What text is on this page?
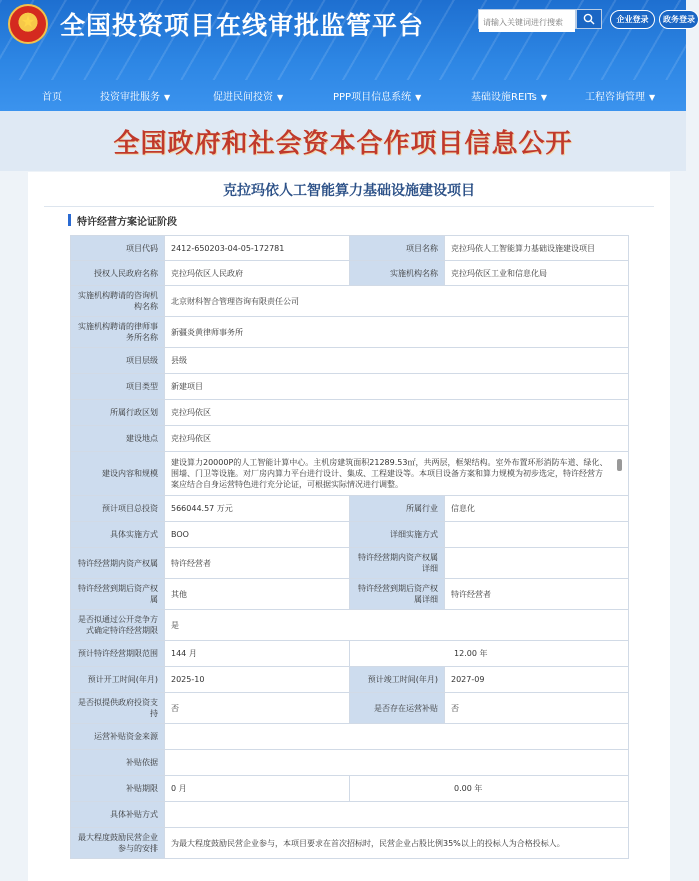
★ 全国投资项目在线审批监管平台
请输入关键词进行搜索	企业登录	政务登录
首页	投资审批服务 ▼	促进民间投资 ▼	PPP项目信息系统 ▼	基础设施REITs ▼	工程咨询管理 ▼
全国政府和社会资本合作项目信息公开
克拉玛依人工智能算力基础设施建设项目
特许经营方案论证阶段
项目代码	2412-650203-04-05-172781	项目名称	克拉玛依人工智能算力基础设施建设项目
授权人民政府名称	克拉玛依区人民政府	实施机构名称	克拉玛依区工业和信息化局
实施机构聘请的咨询机构名称	北京财科智合管理咨询有限责任公司		
实施机构聘请的律师事务所名称	新疆炎黄律师事务所		
项目层级	县级		
项目类型	新建项目		
所属行政区划	克拉玛依区		
建设地点	克拉玛依区		
建设内容和规模	建设算力20000P的人工智能计算中心。主机房建筑面积21289.53㎡，共两层，框架结构。室外布置环形消防车道、绿化、围墙、门卫等设施。对厂房内算力平台进行设计、集成、工程建设等。本项目设备方案和算力规模为初步选定，特许经营方案应结合自身运营特色进行充分论证，可根据实际情况进行调整。		

预计项目总投资	566044.57 万元	所属行业	信息化
具体实施方式	BOO	详细实施方式	
特许经营期内资产权属	特许经营者	特许经营期内资产权属详细	
特许经营到期后资产权属	其他	特许经营到期后资产权属详细	特许经营者
是否拟通过公开竞争方式确定特许经营期限	是		
预计特许经营期限范围	144 月	12.00 年	
预计开工时间(年月)	2025-10	预计竣工时间(年月)	2027-09
是否拟提供政府投资支持	否	是否存在运营补贴	否
运营补贴资金来源			
补贴依据			
补贴期限	0 月	0.00 年	
具体补贴方式			
最大程度鼓励民营企业参与的安排	为最大程度鼓励民营企业参与，本项目要求在首次招标时，民营企业占股比例35%以上的投标人为合格投标人。		
